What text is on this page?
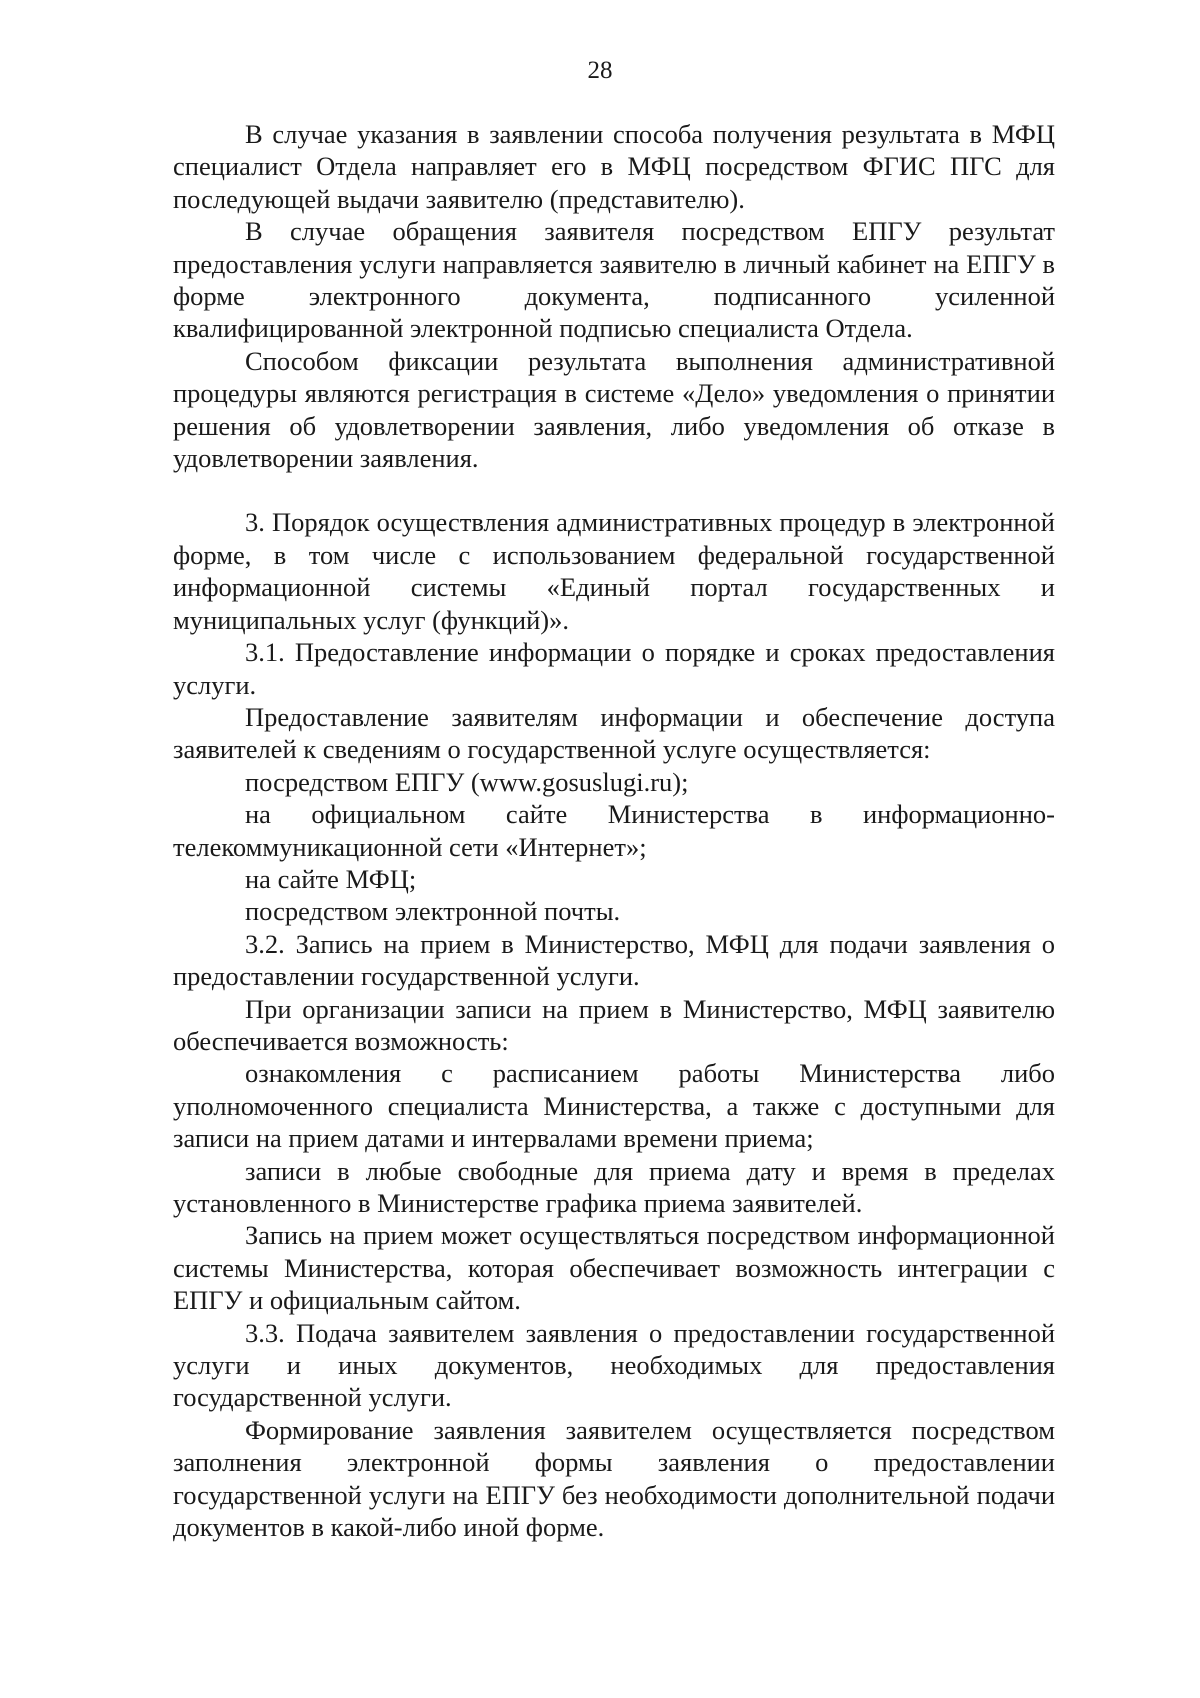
28

В случае указания в заявлении способа получения результата в МФЦ специалист Отдела направляет его в МФЦ посредством ФГИС ПГС для последующей выдачи заявителю (представителю).

В случае обращения заявителя посредством ЕПГУ результат предоставления услуги направляется заявителю в личный кабинет на ЕПГУ в форме электронного документа, подписанного усиленной квалифицированной электронной подписью специалиста Отдела.

Способом фиксации результата выполнения административной процедуры являются регистрация в системе «Дело» уведомления о принятии решения об удовлетворении заявления, либо уведомления об отказе в удовлетворении заявления.

3. Порядок осуществления административных процедур в электронной форме, в том числе с использованием федеральной государственной информационной системы «Единый портал государственных и муниципальных услуг (функций)».

3.1. Предоставление информации о порядке и сроках предоставления услуги.

Предоставление заявителям информации и обеспечение доступа заявителей к сведениям о государственной услуге осуществляется:

посредством ЕПГУ (www.gosuslugi.ru);

на официальном сайте Министерства в информационно-телекоммуникационной сети «Интернет»;

на сайте МФЦ;

посредством электронной почты.

3.2. Запись на прием в Министерство, МФЦ для подачи заявления о предоставлении государственной услуги.

При организации записи на прием в Министерство, МФЦ заявителю обеспечивается возможность:

ознакомления с расписанием работы Министерства либо уполномоченного специалиста Министерства, а также с доступными для записи на прием датами и интервалами времени приема;

записи в любые свободные для приема дату и время в пределах установленного в Министерстве графика приема заявителей.

Запись на прием может осуществляться посредством информационной системы Министерства, которая обеспечивает возможность интеграции с ЕПГУ и официальным сайтом.

3.3. Подача заявителем заявления о предоставлении государственной услуги и иных документов, необходимых для предоставления государственной услуги.

Формирование заявления заявителем осуществляется посредством заполнения электронной формы заявления о предоставлении государственной услуги на ЕПГУ без необходимости дополнительной подачи документов в какой-либо иной форме.
